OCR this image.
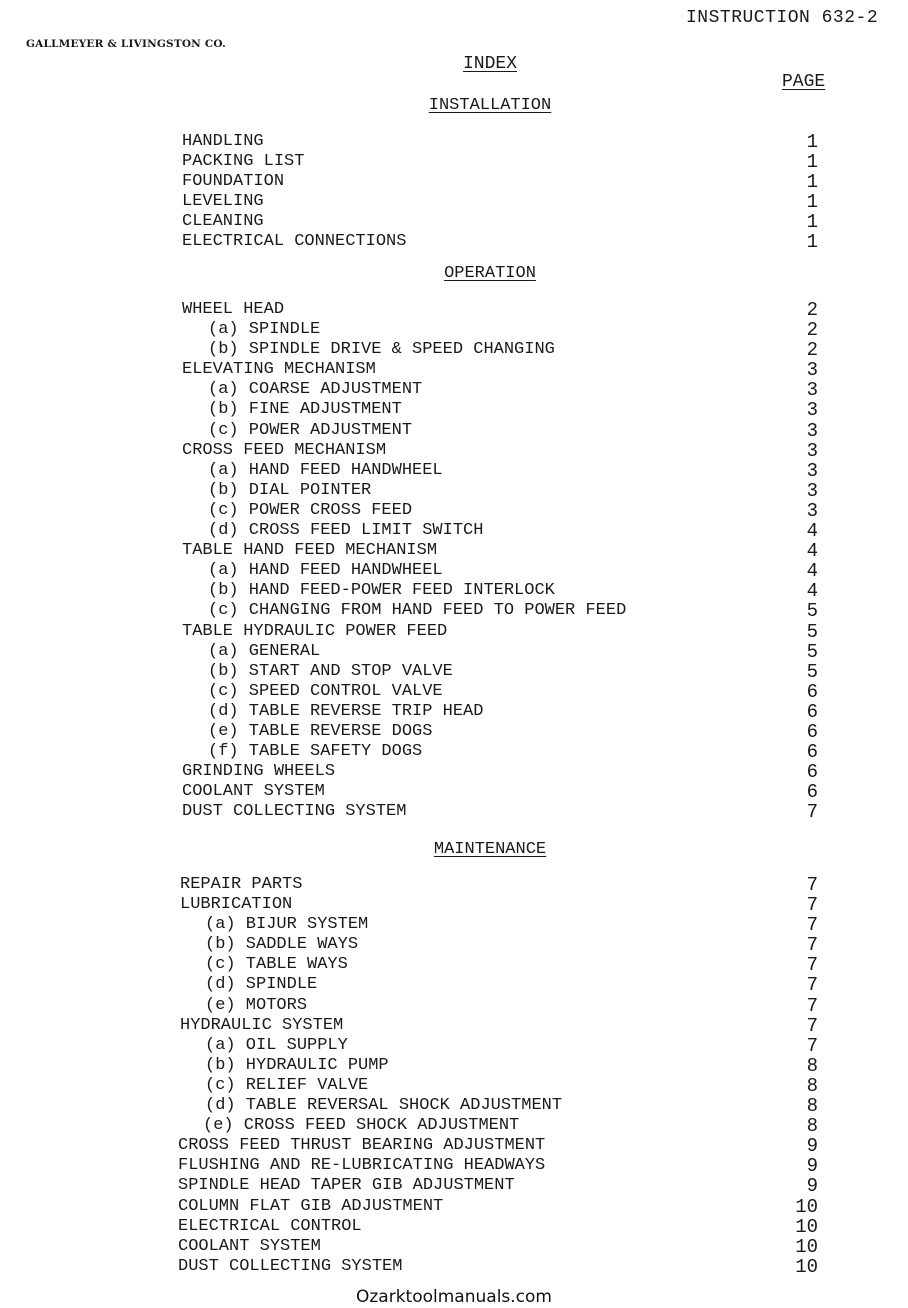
INSTRUCTION 632-2
GALLMEYER & LIVINGSTON CO.
INDEX
PAGE
INSTALLATION
HANDLING	1
PACKING LIST	1
FOUNDATION	1
LEVELING	1
CLEANING	1
ELECTRICAL CONNECTIONS	1
OPERATION
WHEEL HEAD	2
(a) SPINDLE	2
(b) SPINDLE DRIVE & SPEED CHANGING	2
ELEVATING MECHANISM	3
(a) COARSE ADJUSTMENT	3
(b) FINE ADJUSTMENT	3
(c) POWER ADJUSTMENT	3
CROSS FEED MECHANISM	3
(a) HAND FEED HANDWHEEL	3
(b) DIAL POINTER	3
(c) POWER CROSS FEED	3
(d) CROSS FEED LIMIT SWITCH	4
TABLE HAND FEED MECHANISM	4
(a) HAND FEED HANDWHEEL	4
(b) HAND FEED-POWER FEED INTERLOCK	4
(c) CHANGING FROM HAND FEED TO POWER FEED	5
TABLE HYDRAULIC POWER FEED	5
(a) GENERAL	5
(b) START AND STOP VALVE	5
(c) SPEED CONTROL VALVE	6
(d) TABLE REVERSE TRIP HEAD	6
(e) TABLE REVERSE DOGS	6
(f) TABLE SAFETY DOGS	6
GRINDING WHEELS	6
COOLANT SYSTEM	6
DUST COLLECTING SYSTEM	7
MAINTENANCE
REPAIR PARTS	7
LUBRICATION	7
(a) BIJUR SYSTEM	7
(b) SADDLE WAYS	7
(c) TABLE WAYS	7
(d) SPINDLE	7
(e) MOTORS	7
HYDRAULIC SYSTEM	7
(a) OIL SUPPLY	7
(b) HYDRAULIC PUMP	8
(c) RELIEF VALVE	8
(d) TABLE REVERSAL SHOCK ADJUSTMENT	8
(e) CROSS FEED SHOCK ADJUSTMENT	8
CROSS FEED THRUST BEARING ADJUSTMENT	9
FLUSHING AND RE-LUBRICATING HEADWAYS	9
SPINDLE HEAD TAPER GIB ADJUSTMENT	9
COLUMN FLAT GIB ADJUSTMENT	10
ELECTRICAL CONTROL	10
COOLANT SYSTEM	10
DUST COLLECTING SYSTEM	10
Ozarktoolmanuals.com
